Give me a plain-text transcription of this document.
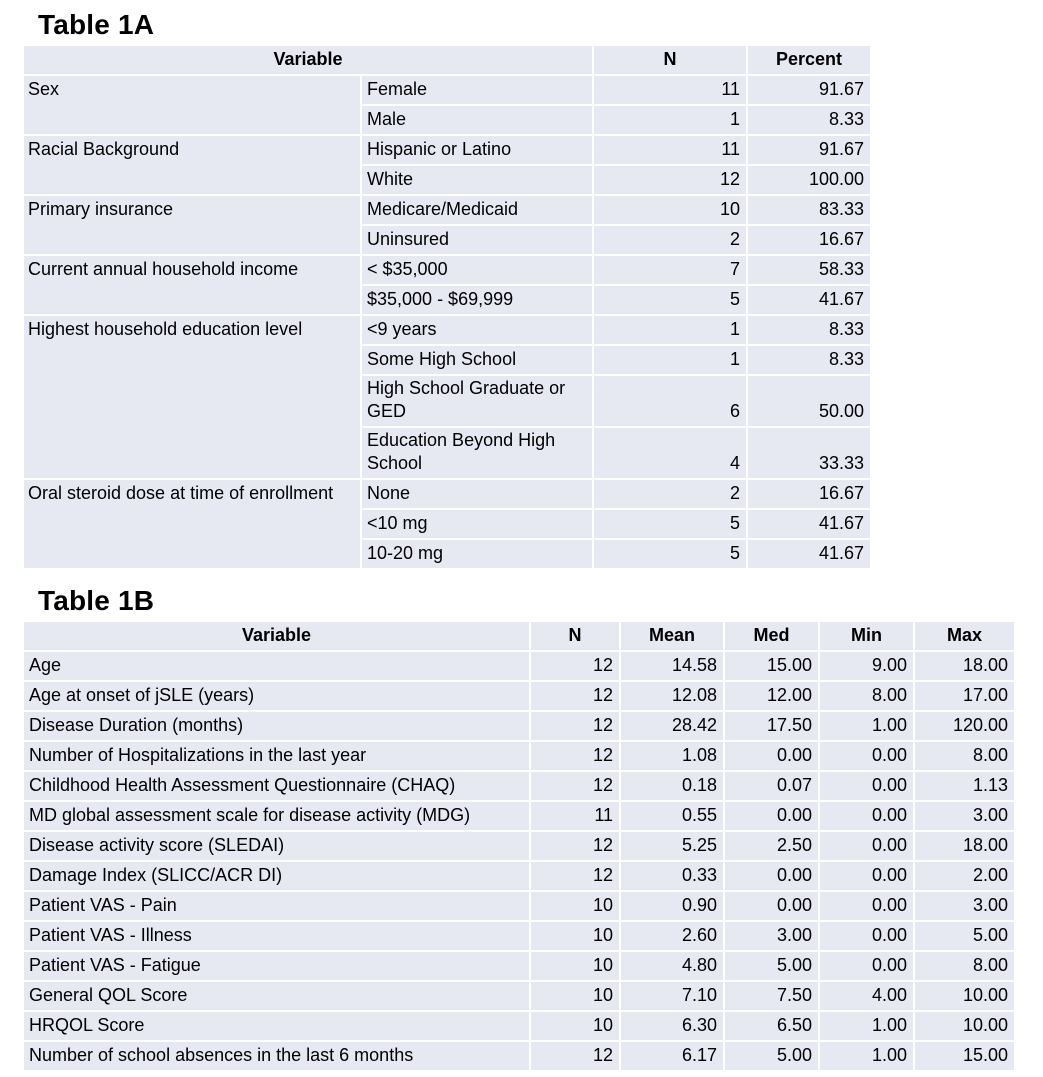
Table 1A
Variable		N	Percent
Sex	Female	11	91.67
	Male	1	8.33
Racial Background	Hispanic or Latino	11	91.67
	White	12	100.00
Primary insurance	Medicare/Medicaid	10	83.33
	Uninsured	2	16.67
Current annual household income	< $35,000	7	58.33
	$35,000 - $69,999	5	41.67
Highest household education level	<9 years	1	8.33
	Some High School	1	8.33
	High School Graduate or GED	6	50.00
	Education Beyond High School	4	33.33
Oral steroid dose at time of enrollment	None	2	16.67
	<10 mg	5	41.67
	10-20 mg	5	41.67
Table 1B
Variable	N	Mean	Med	Min	Max
Age	12	14.58	15.00	9.00	18.00
Age at onset of jSLE (years)	12	12.08	12.00	8.00	17.00
Disease Duration (months)	12	28.42	17.50	1.00	120.00
Number of Hospitalizations in the last year	12	1.08	0.00	0.00	8.00
Childhood Health Assessment Questionnaire (CHAQ)	12	0.18	0.07	0.00	1.13
MD global assessment scale for disease activity (MDG)	11	0.55	0.00	0.00	3.00
Disease activity score (SLEDAI)	12	5.25	2.50	0.00	18.00
Damage Index (SLICC/ACR DI)	12	0.33	0.00	0.00	2.00
Patient VAS - Pain	10	0.90	0.00	0.00	3.00
Patient VAS - Illness	10	2.60	3.00	0.00	5.00
Patient VAS - Fatigue	10	4.80	5.00	0.00	8.00
General QOL Score	10	7.10	7.50	4.00	10.00
HRQOL Score	10	6.30	6.50	1.00	10.00
Number of school absences in the last 6 months	12	6.17	5.00	1.00	15.00
